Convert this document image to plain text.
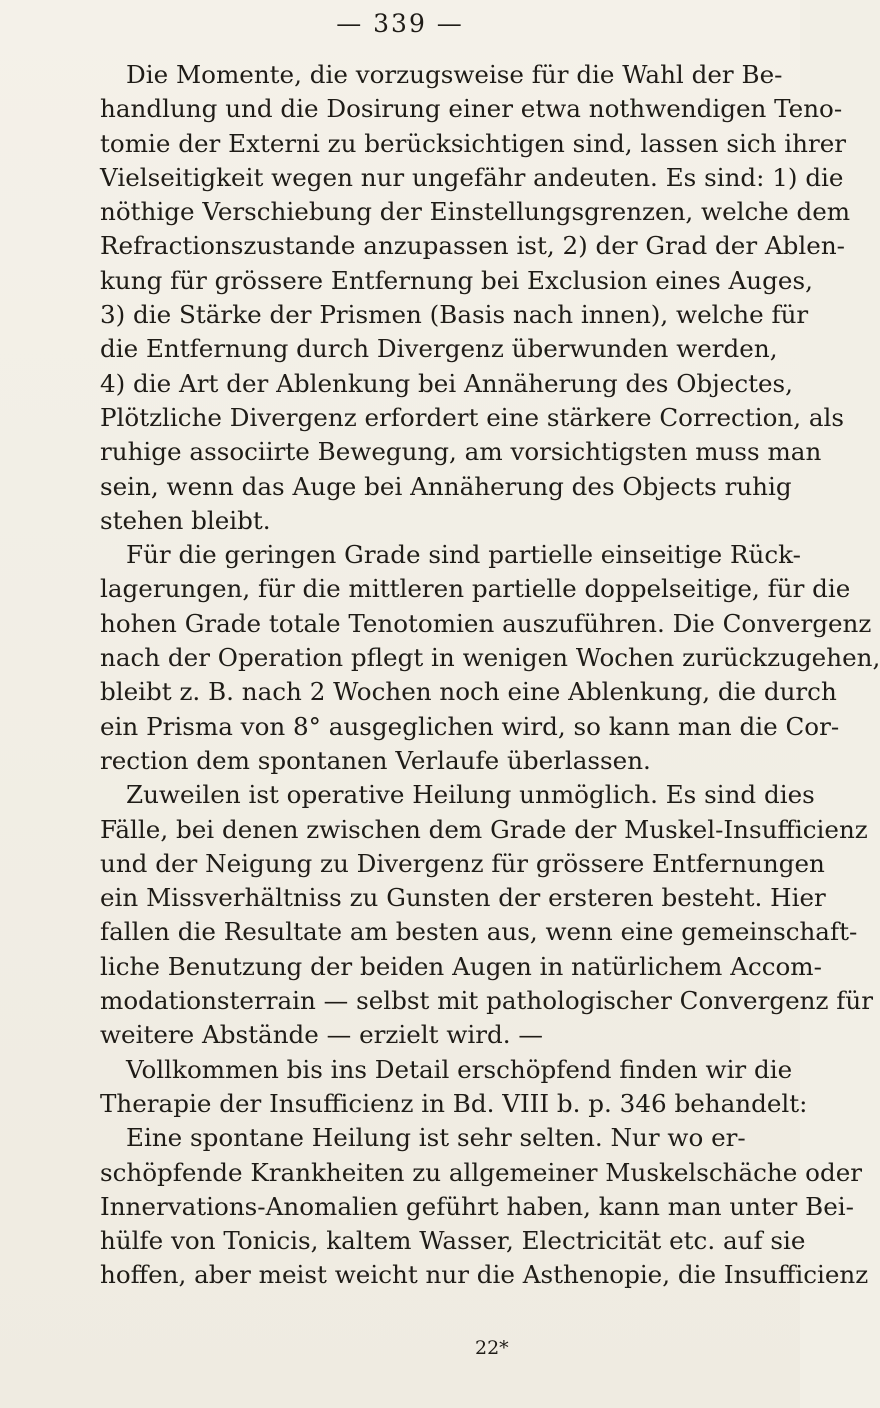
— 339 —
Die Momente, die vorzugsweise für die Wahl der Be-
handlung und die Dosirung einer etwa nothwendigen Teno-
tomie der Externi zu berücksichtigen sind, lassen sich ihrer
Vielseitigkeit wegen nur ungefähr andeuten. Es sind: 1) die
nöthige Verschiebung der Einstellungsgrenzen, welche dem
Refractionszustande anzupassen ist, 2) der Grad der Ablen-
kung für grössere Entfernung bei Exclusion eines Auges,
3) die Stärke der Prismen (Basis nach innen), welche für
die Entfernung durch Divergenz überwunden werden,
4) die Art der Ablenkung bei Annäherung des Objectes,
Plötzliche Divergenz erfordert eine stärkere Correction, als
ruhige associirte Bewegung, am vorsichtigsten muss man
sein, wenn das Auge bei Annäherung des Objects ruhig
stehen bleibt.
Für die geringen Grade sind partielle einseitige Rück-
lagerungen, für die mittleren partielle doppelseitige, für die
hohen Grade totale Tenotomien auszuführen. Die Convergenz
nach der Operation pflegt in wenigen Wochen zurückzugehen,
bleibt z. B. nach 2 Wochen noch eine Ablenkung, die durch
ein Prisma von 8° ausgeglichen wird, so kann man die Cor-
rection dem spontanen Verlaufe überlassen.
Zuweilen ist operative Heilung unmöglich. Es sind dies
Fälle, bei denen zwischen dem Grade der Muskel-Insufficienz
und der Neigung zu Divergenz für grössere Entfernungen
ein Missverhältniss zu Gunsten der ersteren besteht. Hier
fallen die Resultate am besten aus, wenn eine gemeinschaft-
liche Benutzung der beiden Augen in natürlichem Accom-
modationsterrain — selbst mit pathologischer Convergenz für
weitere Abstände — erzielt wird. —
Vollkommen bis ins Detail erschöpfend finden wir die
Therapie der Insufficienz in Bd. VIII b. p. 346 behandelt:
Eine spontane Heilung ist sehr selten. Nur wo er-
schöpfende Krankheiten zu allgemeiner Muskelschäche oder
Innervations-Anomalien geführt haben, kann man unter Bei-
hülfe von Tonicis, kaltem Wasser, Electricität etc. auf sie
hoffen, aber meist weicht nur die Asthenopie, die Insufficienz
22*
